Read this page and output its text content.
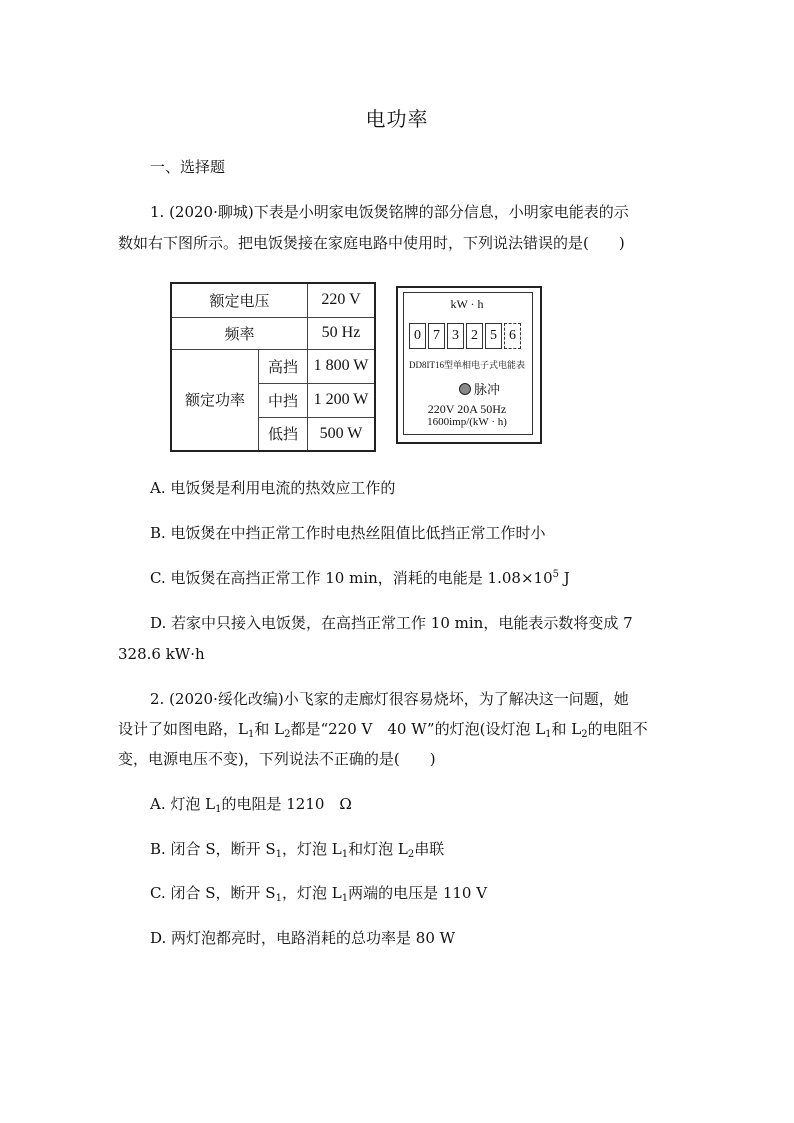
电功率
一、选择题
1. (2020·聊城)下表是小明家电饭煲铭牌的部分信息，小明家电能表的示
数如右下图所示。把电饭煲接在家庭电路中使用时，下列说法错误的是(　　)
额定电压		220 V
频率		50 Hz
额定功率	高挡	1 800 W
	中挡	1 200 W
	低挡	500 W
kW · h
0 7 3 2 5 6
DD8IT16型单相电子式电能表
脉冲
220V 20A 50Hz
1600imp/(kW · h)
A. 电饭煲是利用电流的热效应工作的
B. 电饭煲在中挡正常工作时电热丝阻值比低挡正常工作时小
C. 电饭煲在高挡正常工作 10 min，消耗的电能是 $1.08\times 10^5$ J
D. 若家中只接入电饭煲，在高挡正常工作 10 min，电能表示数将变成 7
328.6 kW·h
2. (2020·绥化改编)小飞家的走廊灯很容易烧坏，为了解决这一问题，她
设计了如图电路，$L_1$和 $L_2$都是“220 V　40 W”的灯泡(设灯泡 $L_1$和 $L_2$的电阻不
变，电源电压不变)，下列说法不正确的是(　　)
A. 灯泡 $L_1$的电阻是 1210　Ω
B. 闭合 S，断开 $S_1$，灯泡 $L_1$和灯泡 $L_2$串联
C. 闭合 S，断开 $S_1$，灯泡 $L_1$两端的电压是 110 V
D. 两灯泡都亮时，电路消耗的总功率是 80 W
